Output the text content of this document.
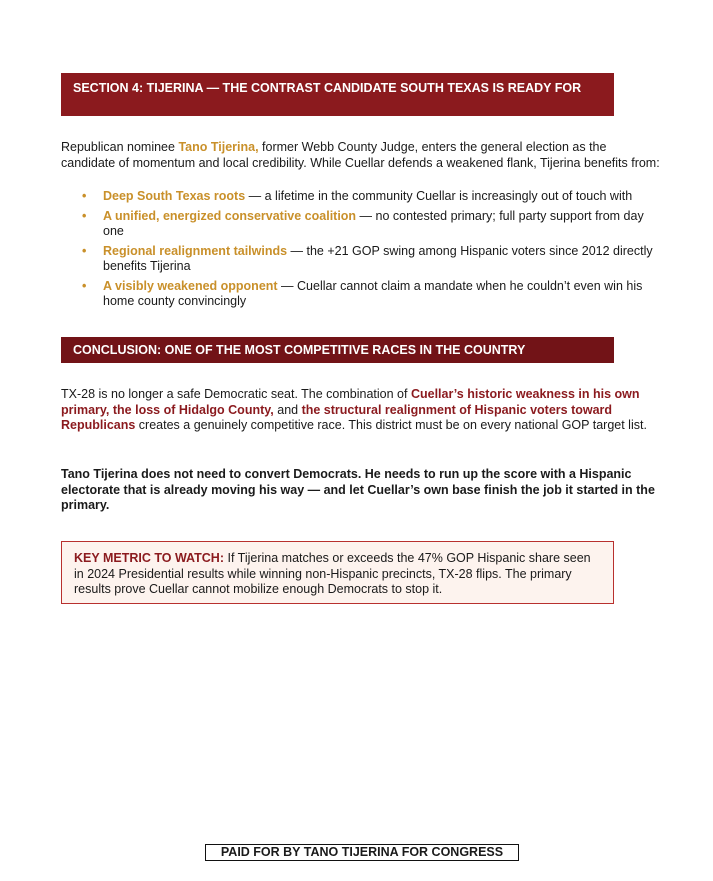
SECTION 4: TIJERINA — THE CONTRAST CANDIDATE SOUTH TEXAS IS READY FOR

Republican nominee Tano Tijerina, former Webb County Judge, enters the general election as the candidate of momentum and local credibility. While Cuellar defends a weakened flank, Tijerina benefits from:

• Deep South Texas roots — a lifetime in the community Cuellar is increasingly out of touch with
• A unified, energized conservative coalition — no contested primary; full party support from day one
• Regional realignment tailwinds — the +21 GOP swing among Hispanic voters since 2012 directly benefits Tijerina
• A visibly weakened opponent — Cuellar cannot claim a mandate when he couldn’t even win his home county convincingly
CONCLUSION: ONE OF THE MOST COMPETITIVE RACES IN THE COUNTRY

TX-28 is no longer a safe Democratic seat. The combination of Cuellar’s historic weakness in his own primary, the loss of Hidalgo County, and the structural realignment of Hispanic voters toward Republicans creates a genuinely competitive race. This district must be on every national GOP target list.

Tano Tijerina does not need to convert Democrats. He needs to run up the score with a Hispanic electorate that is already moving his way — and let Cuellar’s own base finish the job it started in the primary.

KEY METRIC TO WATCH: If Tijerina matches or exceeds the 47% GOP Hispanic share seen in 2024 Presidential results while winning non-Hispanic precincts, TX-28 flips. The primary results prove Cuellar cannot mobilize enough Democrats to stop it.
PAID FOR BY TANO TIJERINA FOR CONGRESS
